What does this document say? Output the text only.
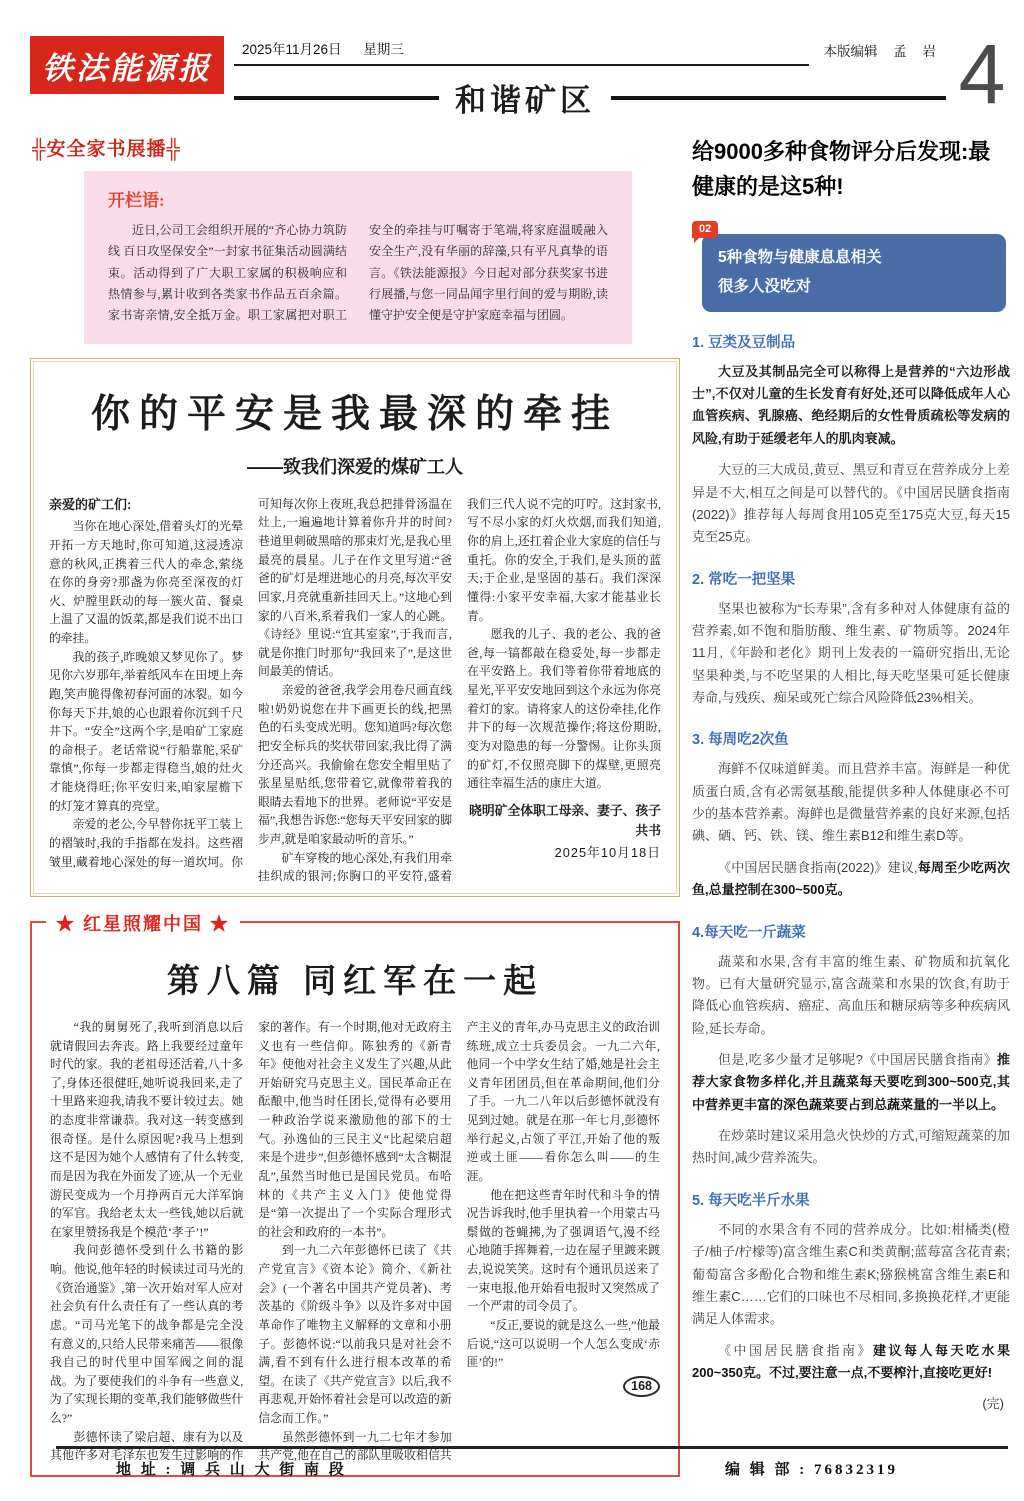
铁法能源报
2025年11月26日 星期三	本版编辑 孟 岩
和谐矿区	4
╬安全家书展播╬
开栏语:

近日,公司工会组织开展的“齐心协力筑防线 百日攻坚保安全”一封家书征集活动圆满结束。活动得到了广大职工家属的积极响应和热情参与,累计收到各类家书作品五百余篇。家书寄亲情,安全抵万金。职工家属把对职工安全的牵挂与叮嘱寄于笔端,将家庭温暖融入安全生产,没有华丽的辞藻,只有平凡真挚的语言。《铁法能源报》今日起对部分获奖家书进行展播,与您一同品闻字里行间的爱与期盼,读懂守护安全便是守护家庭幸福与团圆。

你的平安是我最深的牵挂
——致我们深爱的煤矿工人

亲爱的矿工们:

当你在地心深处,借着头灯的光晕开拓一方天地时,你可知道,这浸透凉意的秋风,正携着三代人的牵念,萦绕在你的身旁?那盏为你亮至深夜的灯火、炉膛里跃动的每一簇火苗、餐桌上温了又温的饭菜,都是我们说不出口的牵挂。

我的孩子,昨晚娘又梦见你了。梦见你六岁那年,举着纸风车在田埂上奔跑,笑声脆得像初春河面的冰裂。如今你每天下井,娘的心也跟着你沉到千尺井下。“安全”这两个字,是咱矿工家庭的命根子。老话常说“行船靠舵,采矿靠慎”,你每一步都走得稳当,娘的灶火才能烧得旺;你平安归来,咱家屋檐下的灯笼才算真的亮堂。

亲爱的老公,今早替你抚平工装上的褶皱时,我的手指都在发抖。这些褶皱里,藏着地心深处的每一道坎坷。你可知每次你上夜班,我总把排骨汤温在灶上,一遍遍地计算着你升井的时间?巷道里刺破黑暗的那束灯光,是我心里最亮的晨星。儿子在作文里写道:“爸爸的矿灯是埋进地心的月亮,每次平安回家,月亮就重新挂回天上。”这地心到家的八百米,系着我们一家人的心跳。《诗经》里说:“宜其室家”,于我而言,就是你推门时那句“我回来了”,是这世间最美的情话。

亲爱的爸爸,我学会用卷尺画直线啦!奶奶说您在井下画更长的线,把黑色的石头变成光明。您知道吗?每次您把安全标兵的奖状带回家,我比得了满分还高兴。我偷偷在您安全帽里贴了张星星贴纸,您带着它,就像带着我的眼睛去看地下的世界。老师说“平安是福”,我想告诉您:“您每天平安回家的脚步声,就是咱家最动听的音乐。”

矿车穿梭的地心深处,有我们用牵挂织成的银河;你胸口的平安符,盛着我们三代人说不完的叮咛。这封家书,写不尽小家的灯火炊烟,而我们知道,你的肩上,还扛着企业大家庭的信任与重托。你的安全,于我们,是头顶的蓝天;于企业,是坚固的基石。我们深深懂得:小家平安幸福,大家才能基业长青。

愿我的儿子、我的老公、我的爸爸,每一镐都敲在稳妥处,每一步都走在平安路上。我们等着你带着地底的星光,平平安安地回到这个永远为你亮着灯的家。请将家人的这份牵挂,化作井下的每一次规范操作;将这份期盼,变为对隐患的每一分警惕。让你头顶的矿灯,不仅照亮脚下的煤壁,更照亮通往幸福生活的康庄大道。

晓明矿全体职工母亲、妻子、孩子共书

2025年10月18日

★ 红星照耀中国 ★
第八篇 同红军在一起

“我的舅舅死了,我听到消息以后就请假回去奔丧。路上我要经过童年时代的家。我的老祖母还活着,八十多了,身体还很健旺,她听说我回来,走了十里路来迎我,请我不要计较过去。她的态度非常谦恭。我对这一转变感到很奇怪。是什么原因呢?我马上想到这不是因为她个人感情有了什么转变,而是因为我在外面发了迹,从一个无业游民变成为一个月挣两百元大洋军饷的军官。我给老太太一些钱,她以后就在家里赞扬我是个模范‘孝子’!”

我问彭德怀受到什么书籍的影响。他说,他年轻的时候读过司马光的《资治通鉴》,第一次开始对军人应对社会负有什么责任有了一些认真的考虑。“司马光笔下的战争都是完全没有意义的,只给人民带来痛苦——很像我自己的时代里中国军阀之间的混战。为了要使我们的斗争有一些意义,为了实现长期的变革,我们能够做些什么?”

彭德怀读了梁启超、康有为以及其他许多对毛泽东也发生过影响的作家的著作。有一个时期,他对无政府主义也有一些信仰。陈独秀的《新青年》使他对社会主义发生了兴趣,从此开始研究马克思主义。国民革命正在酝酿中,他当时任团长,觉得有必要用一种政治学说来激励他的部下的士气。孙逸仙的三民主义“比起梁启超来是个进步”,但彭德怀感到“太含糊混乱”,虽然当时他已是国民党员。布哈林的《共产主义入门》使他觉得是“第一次提出了一个实际合理形式的社会和政府的一本书”。

到一九二六年彭德怀已读了《共产党宣言》《资本论》简介、《新社会》(一个著名中国共产党员著)、考茨基的《阶级斗争》以及许多对中国革命作了唯物主义解释的文章和小册子。彭德怀说:“以前我只是对社会不满,看不到有什么进行根本改革的希望。在读了《共产党宣言》以后,我不再悲观,开始怀着社会是可以改造的新信念而工作。”

虽然彭德怀到一九二七年才参加共产党,他在自己的部队里吸收相信共产主义的青年,办马克思主义的政治训练班,成立士兵委员会。一九二六年,他同一个中学女生结了婚,她是社会主义青年团团员,但在革命期间,他们分了手。一九二八年以后彭德怀就没有见到过她。就是在那一年七月,彭德怀举行起义,占领了平江,开始了他的叛逆或土匪——看你怎么叫——的生涯。

他在把这些青年时代和斗争的情况告诉我时,他手里执着一个用蒙古马鬃做的苍蝇拂,为了强调语气,漫不经心地随手挥舞着,一边在屋子里踱来踱去,说说笑笑。这时有个通讯员送来了一束电报,他开始看电报时又突然成了一个严肃的司令员了。

“反正,要说的就是这么一些,”他最后说,“这可以说明一个人怎么变成‘赤匪’的!”

168

给9000多种食物评分后发现:最健康的是这5种!
02
5种食物与健康息息相关
很多人没吃对
1. 豆类及豆制品

大豆及其制品完全可以称得上是营养的“六边形战士”,不仅对儿童的生长发育有好处,还可以降低成年人心血管疾病、乳腺癌、绝经期后的女性骨质疏松等发病的风险,有助于延缓老年人的肌肉衰减。

大豆的三大成员,黄豆、黑豆和青豆在营养成分上差异是不大,相互之间是可以替代的。《中国居民膳食指南(2022)》推荐每人每周食用105克至175克大豆,每天15克至25克。

2. 常吃一把坚果

坚果也被称为“长寿果”,含有多种对人体健康有益的营养素,如不饱和脂肪酸、维生素、矿物质等。2024年11月,《年龄和老化》期刊上发表的一篇研究指出,无论坚果种类,与不吃坚果的人相比,每天吃坚果可延长健康寿命,与残疾、痴呆或死亡综合风险降低23%相关。

3. 每周吃2次鱼

海鲜不仅味道鲜美。而且营养丰富。海鲜是一种优质蛋白质,含有必需氨基酸,能提供多种人体健康必不可少的基本营养素。海鲜也是微量营养素的良好来源,包括碘、硒、钙、铁、镁、维生素B12和维生素D等。

《中国居民膳食指南(2022)》建议,每周至少吃两次鱼,总量控制在300~500克。

4.每天吃一斤蔬菜

蔬菜和水果,含有丰富的维生素、矿物质和抗氧化物。已有大量研究显示,富含蔬菜和水果的饮食,有助于降低心血管疾病、癌症、高血压和糖尿病等多种疾病风险,延长寿命。

但是,吃多少量才足够呢?《中国居民膳食指南》推荐大家食物多样化,并且蔬菜每天要吃到300~500克,其中营养更丰富的深色蔬菜要占到总蔬菜量的一半以上。

在炒菜时建议采用急火快炒的方式,可缩短蔬菜的加热时间,减少营养流失。

5. 每天吃半斤水果

不同的水果含有不同的营养成分。比如:柑橘类(橙子/柚子/柠檬等)富含维生素C和类黄酮;蓝莓富含花青素;葡萄富含多酚化合物和维生素K;猕猴桃富含维生素E和维生素C……它们的口味也不尽相同,多换换花样,才更能满足人体需求。

《中国居民膳食指南》建议每人每天吃水果200~350克。不过,要注意一点,不要榨汁,直接吃更好!

(完)
地 址 : 调 兵 山 大 街 南 段	编 辑 部 : 76832319
